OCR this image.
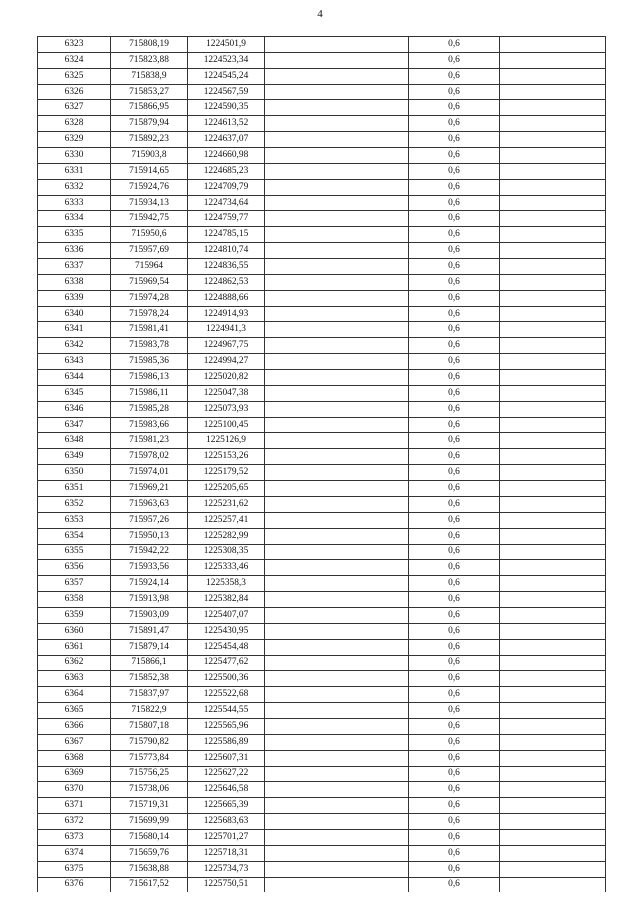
4
6323	715808,19	1224501,9		0,6	
6324	715823,88	1224523,34		0,6	
6325	715838,9	1224545,24		0,6	
6326	715853,27	1224567,59		0,6	
6327	715866,95	1224590,35		0,6	
6328	715879,94	1224613,52		0,6	
6329	715892,23	1224637,07		0,6	
6330	715903,8	1224660,98		0,6	
6331	715914,65	1224685,23		0,6	
6332	715924,76	1224709,79		0,6	
6333	715934,13	1224734,64		0,6	
6334	715942,75	1224759,77		0,6	
6335	715950,6	1224785,15		0,6	
6336	715957,69	1224810,74		0,6	
6337	715964	1224836,55		0,6	
6338	715969,54	1224862,53		0,6	
6339	715974,28	1224888,66		0,6	
6340	715978,24	1224914,93		0,6	
6341	715981,41	1224941,3		0,6	
6342	715983,78	1224967,75		0,6	
6343	715985,36	1224994,27		0,6	
6344	715986,13	1225020,82		0,6	
6345	715986,11	1225047,38		0,6	
6346	715985,28	1225073,93		0,6	
6347	715983,66	1225100,45		0,6	
6348	715981,23	1225126,9		0,6	
6349	715978,02	1225153,26		0,6	
6350	715974,01	1225179,52		0,6	
6351	715969,21	1225205,65		0,6	
6352	715963,63	1225231,62		0,6	
6353	715957,26	1225257,41		0,6	
6354	715950,13	1225282,99		0,6	
6355	715942,22	1225308,35		0,6	
6356	715933,56	1225333,46		0,6	
6357	715924,14	1225358,3		0,6	
6358	715913,98	1225382,84		0,6	
6359	715903,09	1225407,07		0,6	
6360	715891,47	1225430,95		0,6	
6361	715879,14	1225454,48		0,6	
6362	715866,1	1225477,62		0,6	
6363	715852,38	1225500,36		0,6	
6364	715837,97	1225522,68		0,6	
6365	715822,9	1225544,55		0,6	
6366	715807,18	1225565,96		0,6	
6367	715790,82	1225586,89		0,6	
6368	715773,84	1225607,31		0,6	
6369	715756,25	1225627,22		0,6	
6370	715738,06	1225646,58		0,6	
6371	715719,31	1225665,39		0,6	
6372	715699,99	1225683,63		0,6	
6373	715680,14	1225701,27		0,6	
6374	715659,76	1225718,31		0,6	
6375	715638,88	1225734,73		0,6	
6376	715617,52	1225750,51		0,6	
